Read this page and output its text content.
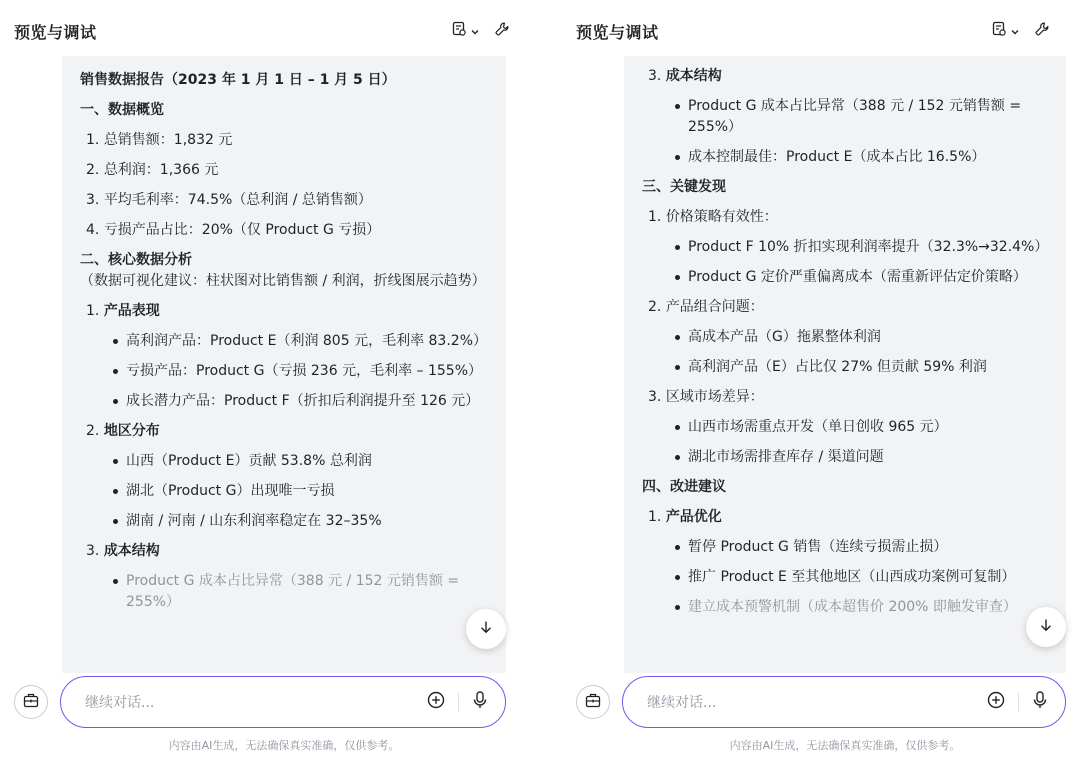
预览与调试
销售数据报告（2023 年 1 月 1 日 – 1 月 5 日）
一、数据概览
1. 总销售额：1,832 元
2. 总利润：1,366 元
3. 平均毛利率：74.5%（总利润 / 总销售额）
4. 亏损产品占比：20%（仅 Product G 亏损）
二、核心数据分析
（数据可视化建议：柱状图对比销售额 / 利润，折线图展示趋势）
1. 产品表现
高利润产品：Product E（利润 805 元，毛利率 83.2%）
亏损产品：Product G（亏损 236 元，毛利率 – 155%）
成长潜力产品：Product F（折扣后利润提升至 126 元）
2. 地区分布
山西（Product E）贡献 53.8% 总利润
湖北（Product G）出现唯一亏损
湖南 / 河南 / 山东利润率稳定在 32–35%
3. 成本结构
Product G 成本占比异常（388 元 / 152 元销售额 = 255%）
继续对话...
内容由AI生成，无法确保真实准确，仅供参考。
预览与调试
3. 成本结构
Product G 成本占比异常（388 元 / 152 元销售额 = 255%）
成本控制最佳：Product E（成本占比 16.5%）
三、关键发现
1. 价格策略有效性：
Product F 10% 折扣实现利润率提升（32.3%→32.4%）
Product G 定价严重偏离成本（需重新评估定价策略）
2. 产品组合问题：
高成本产品（G）拖累整体利润
高利润产品（E）占比仅 27% 但贡献 59% 利润
3. 区域市场差异：
山西市场需重点开发（单日创收 965 元）
湖北市场需排查库存 / 渠道问题
四、改进建议
1. 产品优化
暂停 Product G 销售（连续亏损需止损）
推广 Product E 至其他地区（山西成功案例可复制）
建立成本预警机制（成本超售价 200% 即触发审查）
继续对话...
内容由AI生成，无法确保真实准确，仅供参考。
